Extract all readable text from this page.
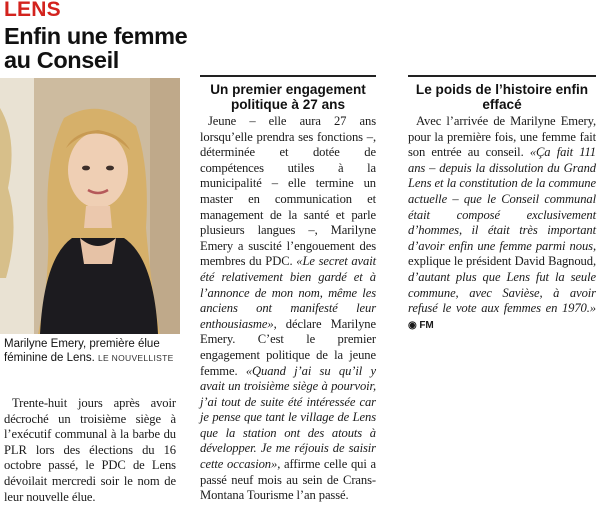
LENS
Enfin une femme
au Conseil
Marilyne Emery, première élue féminine de Lens. LE NOUVELLISTE
Trente-huit jours après avoir décroché un troisième siège à l’exécutif communal à la barbe du PLR lors des élections du 16 octobre passé, le PDC de Lens dévoilait mercredi soir le nom de leur nouvelle élue.
Un premier engagement politique à 27 ans

Jeune – elle aura 27 ans lorsqu’elle prendra ses fonctions –, déterminée et dotée de compétences utiles à la municipalité – elle termine un master en communication et management de la santé et parle plusieurs langues –, Marilyne Emery a suscité l’engouement des membres du PDC. «Le secret avait été relativement bien gardé et à l’annonce de mon nom, même les anciens ont manifesté leur enthousiasme», déclare Marilyne Emery. C’est le premier engagement politique de la jeune femme. «Quand j’ai su qu’il y avait un troisième siège à pourvoir, j’ai tout de suite été intéressée car je pense que tant le village de Lens que la station ont des atouts à développer. Je me réjouis de saisir cette occasion», affirme celle qui a passé neuf mois au sein de Crans-Montana Tourisme l’an passé.

Le poids de l’histoire enfin effacé

Avec l’arrivée de Marilyne Emery, pour la première fois, une femme fait son entrée au conseil. «Ça fait 111 ans – depuis la dissolution du Grand Lens et la constitution de la commune actuelle – que le Conseil communal était composé exclusivement d’hommes, il était très important d’avoir enfin une femme parmi nous, explique le président David Bagnoud, d’autant plus que Lens fut la seule commune, avec Savièse, à avoir refusé le vote aux femmes en 1970.» ◉ FM
